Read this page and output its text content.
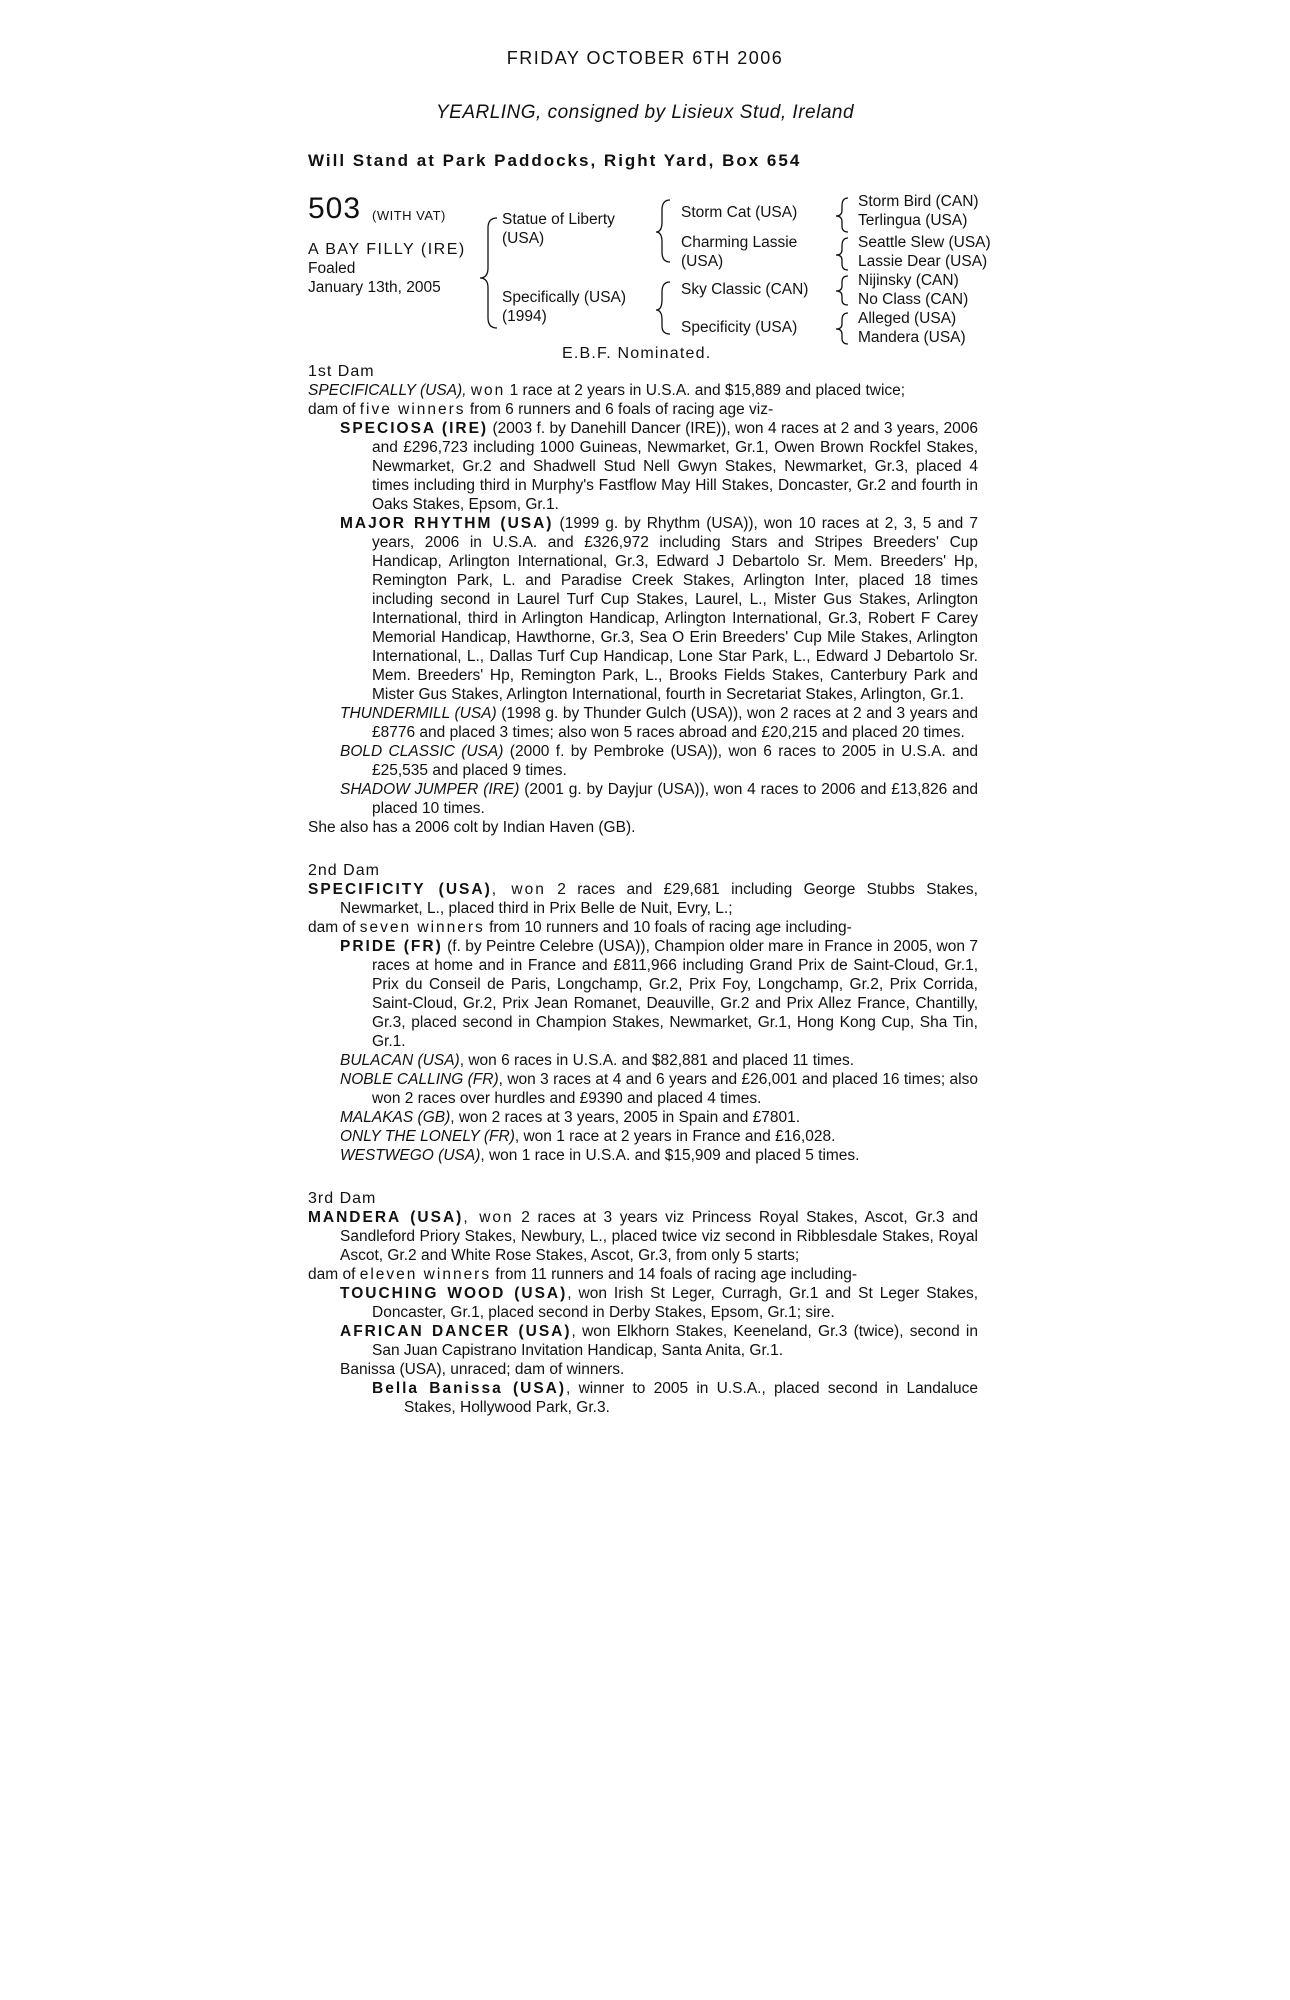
FRIDAY OCTOBER 6TH 2006
YEARLING, consigned by Lisieux Stud, Ireland
Will Stand at Park Paddocks, Right Yard, Box 654
503 (WITH VAT)
A BAY FILLY (IRE)
Foaled
January 13th, 2005
Statue of Liberty
(USA)
Specifically (USA)
(1994)
Storm Cat (USA)
Charming Lassie
(USA)
Sky Classic (CAN)
Specificity (USA)
Storm Bird (CAN)
Terlingua (USA)
Seattle Slew (USA)
Lassie Dear (USA)
Nijinsky (CAN)
No Class (CAN)
Alleged (USA)
Mandera (USA)
E.B.F. Nominated.

1st Dam

SPECIFICALLY (USA), won 1 race at 2 years in U.S.A. and $15,889 and placed twice;

dam of five winners from 6 runners and 6 foals of racing age viz-

SPECIOSA (IRE) (2003 f. by Danehill Dancer (IRE)), won 4 races at 2 and 3 years, 2006 and £296,723 including 1000 Guineas, Newmarket, Gr.1, Owen Brown Rockfel Stakes, Newmarket, Gr.2 and Shadwell Stud Nell Gwyn Stakes, Newmarket, Gr.3, placed 4 times including third in Murphy's Fastflow May Hill Stakes, Doncaster, Gr.2 and fourth in Oaks Stakes, Epsom, Gr.1.

MAJOR RHYTHM (USA) (1999 g. by Rhythm (USA)), won 10 races at 2, 3, 5 and 7 years, 2006 in U.S.A. and £326,972 including Stars and Stripes Breeders' Cup Handicap, Arlington International, Gr.3, Edward J Debartolo Sr. Mem. Breeders' Hp, Remington Park, L. and Paradise Creek Stakes, Arlington Inter, placed 18 times including second in Laurel Turf Cup Stakes, Laurel, L., Mister Gus Stakes, Arlington International, third in Arlington Handicap, Arlington International, Gr.3, Robert F Carey Memorial Handicap, Hawthorne, Gr.3, Sea O Erin Breeders' Cup Mile Stakes, Arlington International, L., Dallas Turf Cup Handicap, Lone Star Park, L., Edward J Debartolo Sr. Mem. Breeders' Hp, Remington Park, L., Brooks Fields Stakes, Canterbury Park and Mister Gus Stakes, Arlington International, fourth in Secretariat Stakes, Arlington, Gr.1.

THUNDERMILL (USA) (1998 g. by Thunder Gulch (USA)), won 2 races at 2 and 3 years and £8776 and placed 3 times; also won 5 races abroad and £20,215 and placed 20 times.

BOLD CLASSIC (USA) (2000 f. by Pembroke (USA)), won 6 races to 2005 in U.S.A. and £25,535 and placed 9 times.

SHADOW JUMPER (IRE) (2001 g. by Dayjur (USA)), won 4 races to 2006 and £13,826 and placed 10 times.

She also has a 2006 colt by Indian Haven (GB).

2nd Dam

SPECIFICITY (USA), won 2 races and £29,681 including George Stubbs Stakes, Newmarket, L., placed third in Prix Belle de Nuit, Evry, L.;

dam of seven winners from 10 runners and 10 foals of racing age including-

PRIDE (FR) (f. by Peintre Celebre (USA)), Champion older mare in France in 2005, won 7 races at home and in France and £811,966 including Grand Prix de Saint-Cloud, Gr.1, Prix du Conseil de Paris, Longchamp, Gr.2, Prix Foy, Longchamp, Gr.2, Prix Corrida, Saint-Cloud, Gr.2, Prix Jean Romanet, Deauville, Gr.2 and Prix Allez France, Chantilly, Gr.3, placed second in Champion Stakes, Newmarket, Gr.1, Hong Kong Cup, Sha Tin, Gr.1.

BULACAN (USA), won 6 races in U.S.A. and $82,881 and placed 11 times.

NOBLE CALLING (FR), won 3 races at 4 and 6 years and £26,001 and placed 16 times; also won 2 races over hurdles and £9390 and placed 4 times.

MALAKAS (GB), won 2 races at 3 years, 2005 in Spain and £7801.

ONLY THE LONELY (FR), won 1 race at 2 years in France and £16,028.

WESTWEGO (USA), won 1 race in U.S.A. and $15,909 and placed 5 times.

3rd Dam

MANDERA (USA), won 2 races at 3 years viz Princess Royal Stakes, Ascot, Gr.3 and Sandleford Priory Stakes, Newbury, L., placed twice viz second in Ribblesdale Stakes, Royal Ascot, Gr.2 and White Rose Stakes, Ascot, Gr.3, from only 5 starts;

dam of eleven winners from 11 runners and 14 foals of racing age including-

TOUCHING WOOD (USA), won Irish St Leger, Curragh, Gr.1 and St Leger Stakes, Doncaster, Gr.1, placed second in Derby Stakes, Epsom, Gr.1; sire.

AFRICAN DANCER (USA), won Elkhorn Stakes, Keeneland, Gr.3 (twice), second in San Juan Capistrano Invitation Handicap, Santa Anita, Gr.1.

Banissa (USA), unraced; dam of winners.

Bella Banissa (USA), winner to 2005 in U.S.A., placed second in Landaluce Stakes, Hollywood Park, Gr.3.
